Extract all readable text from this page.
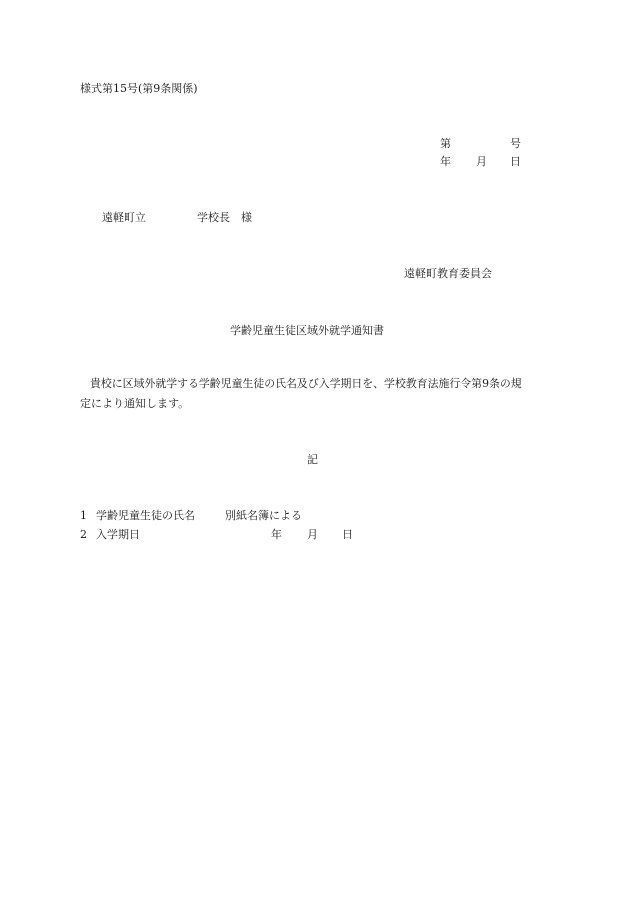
様式第15号(第9条関係)
第	号
年 月 日
遠軽町立	学校長 様
遠軽町教育委員会
学齢児童生徒区域外就学通知書
貴校に区域外就学する学齢児童生徒の氏名及び入学期日を、学校教育法施行令第9条の規
定により通知します。
記
1 学齢児童生徒の氏名	別紙名簿による
2 入学期日	年 月 日
